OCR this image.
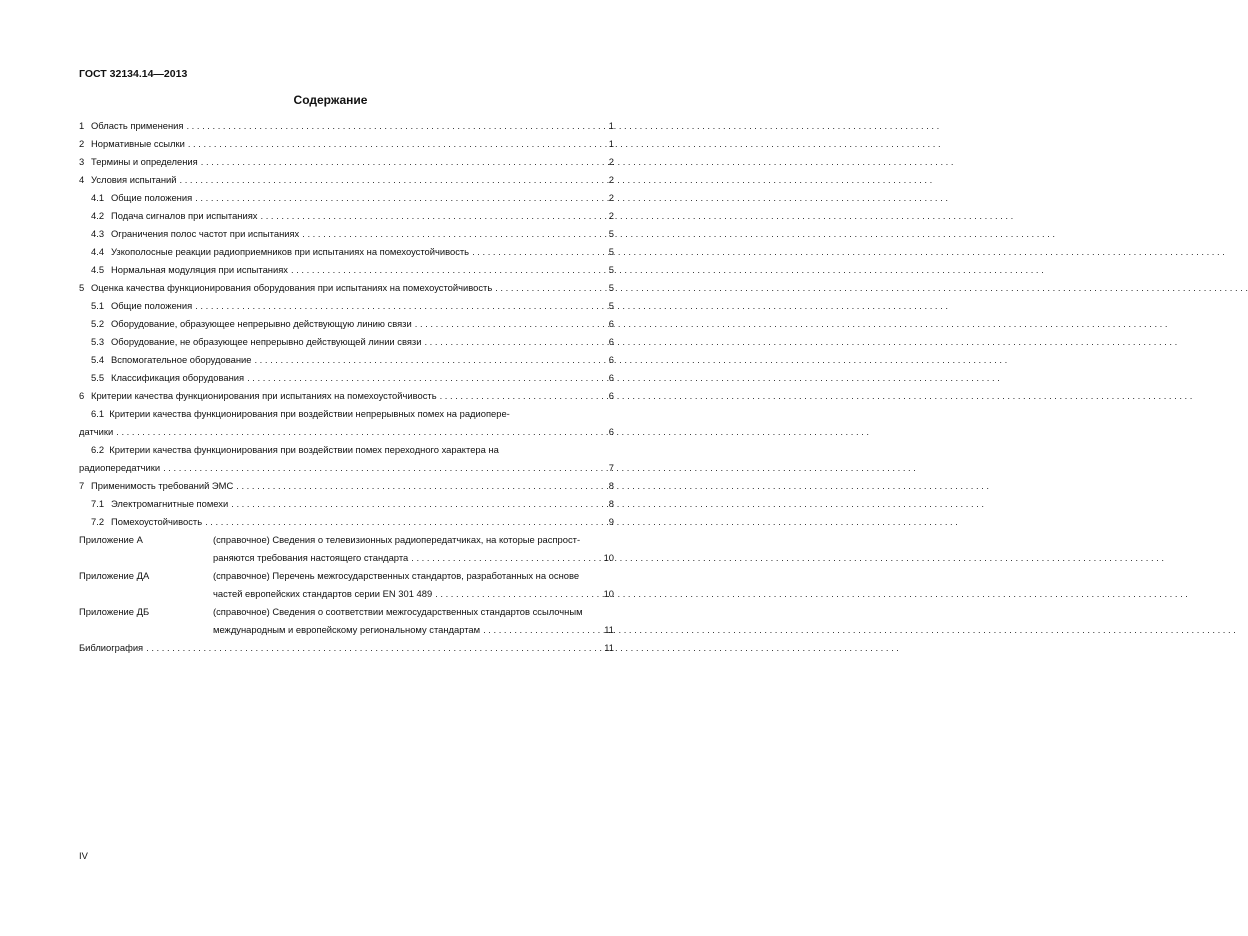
ГОСТ 32134.14—2013
Содержание
1 Область применения . . .	1
2 Нормативные ссылки . . .	1
3 Термины и определения . . .	2
4 Условия испытаний . . .	2
4.1 Общие положения . . .	2
4.2 Подача сигналов при испытаниях . . .	2
4.3 Ограничения полос частот при испытаниях . . .	5
4.4 Узкополосные реакции радиоприемников при испытаниях на помехоустойчивость . . .	5
4.5 Нормальная модуляция при испытаниях . . .	5
5 Оценка качества функционирования оборудования при испытаниях на помехоустойчивость . . .	5
5.1 Общие положения . . .	5
5.2 Оборудование, образующее непрерывно действующую линию связи . . .	6
5.3 Оборудование, не образующее непрерывно действующей линии связи . . .	6
5.4 Вспомогательное оборудование . . .	6
5.5 Классификация оборудования . . .	6
6 Критерии качества функционирования при испытаниях на помехоустойчивость . . .	6
6.1 Критерии качества функционирования при воздействии непрерывных помех на радиопере-
датчики . . .	6
6.2 Критерии качества функционирования при воздействии помех переходного характера на
радиопередатчики . . .	7
7 Применимость требований ЭМС . . .	8
7.1 Электромагнитные помехи . . .	8
7.2 Помехоустойчивость . . .	9
Приложение А	(справочное) Сведения о телевизионных радиопередатчиках, на которые распрост-
раняются требования настоящего стандарта . . .	10
Приложение ДА	(справочное) Перечень межгосударственных стандартов, разработанных на основе
частей европейских стандартов серии EN 301 489 . . .	10
Приложение ДБ	(справочное) Сведения о соответствии межгосударственных стандартов ссылочным
международным и европейскому региональному стандартам . . .	11
Библиография . . .	11
IV
